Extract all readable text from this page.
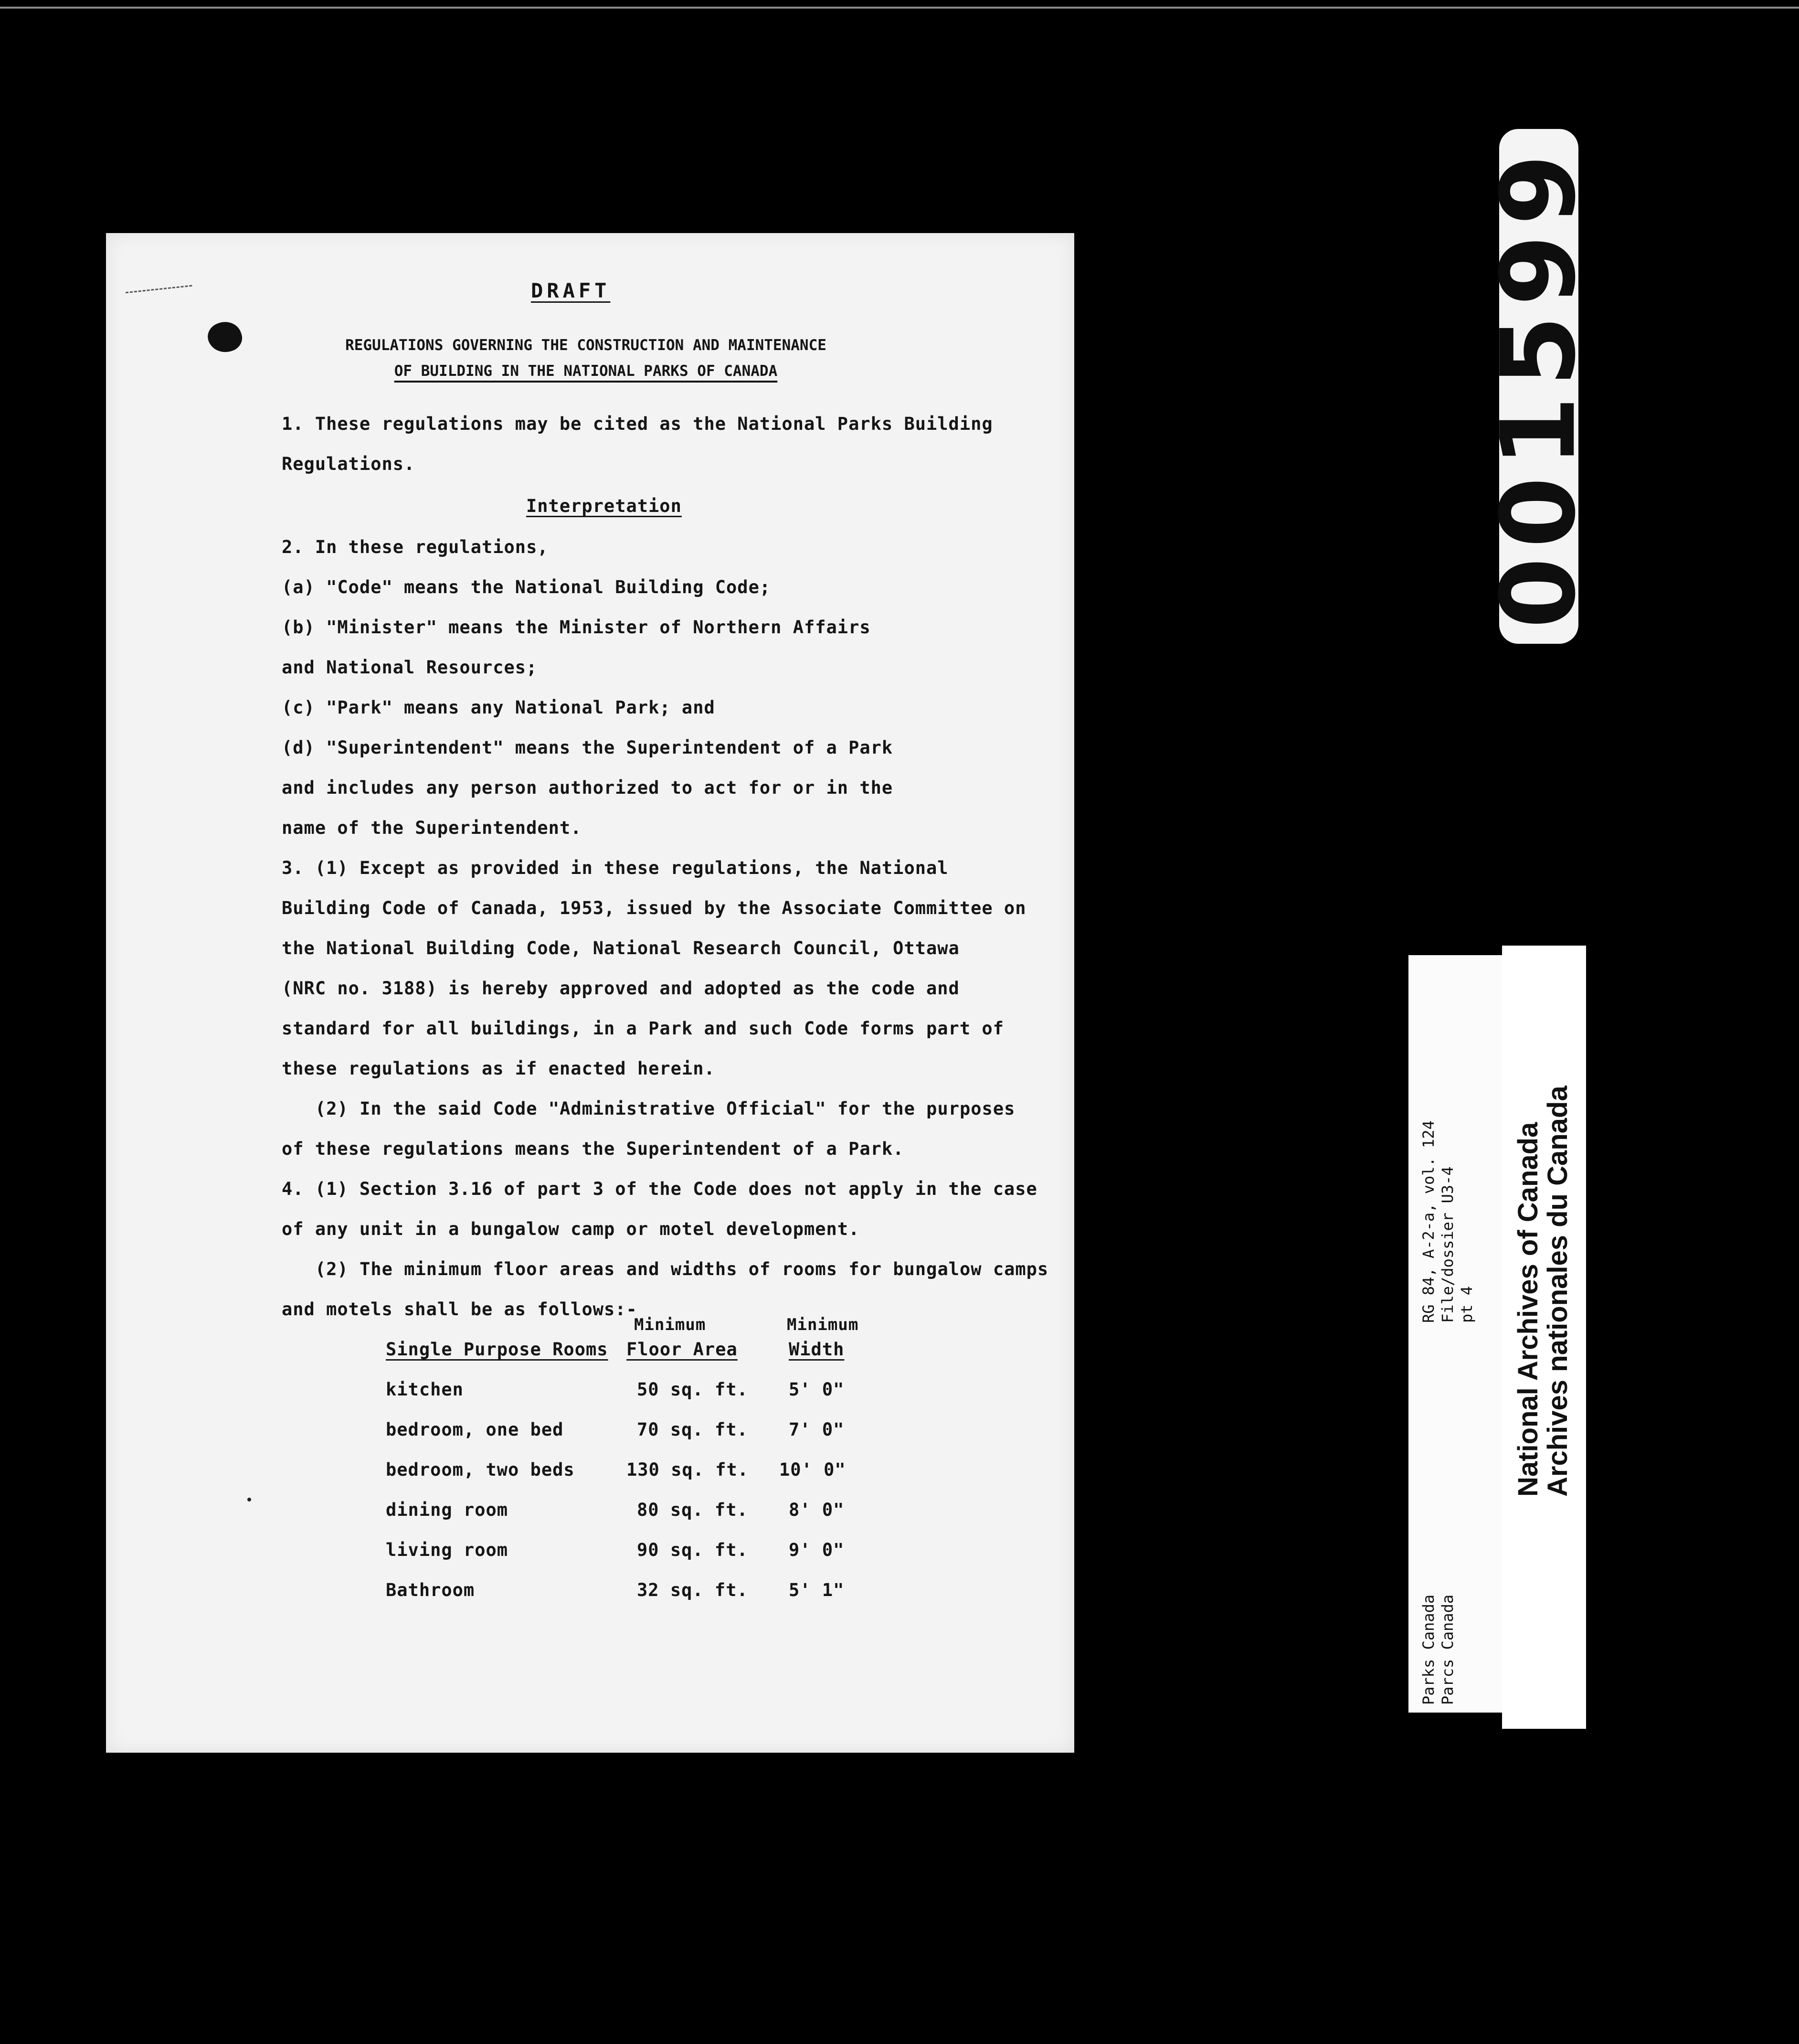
DRAFT
REGULATIONS GOVERNING THE CONSTRUCTION AND MAINTENANCE
OF BUILDING IN THE NATIONAL PARKS OF CANADA
1. These regulations may be cited as the National Parks Building
Regulations.
Interpretation
2. In these regulations,
(a) "Code" means the National Building Code;
(b) "Minister" means the Minister of Northern Affairs
and National Resources;
(c) "Park" means any National Park; and
(d) "Superintendent" means the Superintendent of a Park
and includes any person authorized to act for or in the
name of the Superintendent.
3. (1) Except as provided in these regulations, the National
Building Code of Canada, 1953, issued by the Associate Committee on
the National Building Code, National Research Council, Ottawa
(NRC no. 3188) is hereby approved and adopted as the code and
standard for all buildings, in a Park and such Code forms part of
these regulations as if enacted herein.
(2) In the said Code "Administrative Official" for the purposes
of these regulations means the Superintendent of a Park.
4. (1) Section 3.16 of part 3 of the Code does not apply in the case
of any unit in a bungalow camp or motel development.
(2) The minimum floor areas and widths of rooms for bungalow camps
and motels shall be as follows:-
Minimum	Minimum
Single Purpose Rooms Floor Area	Width
kitchen	50 sq. ft. 5' 0"
bedroom, one bed	70 sq. ft. 7' 0"
bedroom, two beds	130 sq. ft. 10' 0"
dining room	80 sq. ft. 8' 0"
living room	90 sq. ft. 9' 0"
Bathroom	32 sq. ft. 5' 1"
001599
RG 84, A-2-a, vol. 124 File/dossier U3-4 pt 4
Parks Canada Parcs Canada
National Archives of Canada
Archives nationales du Canada
